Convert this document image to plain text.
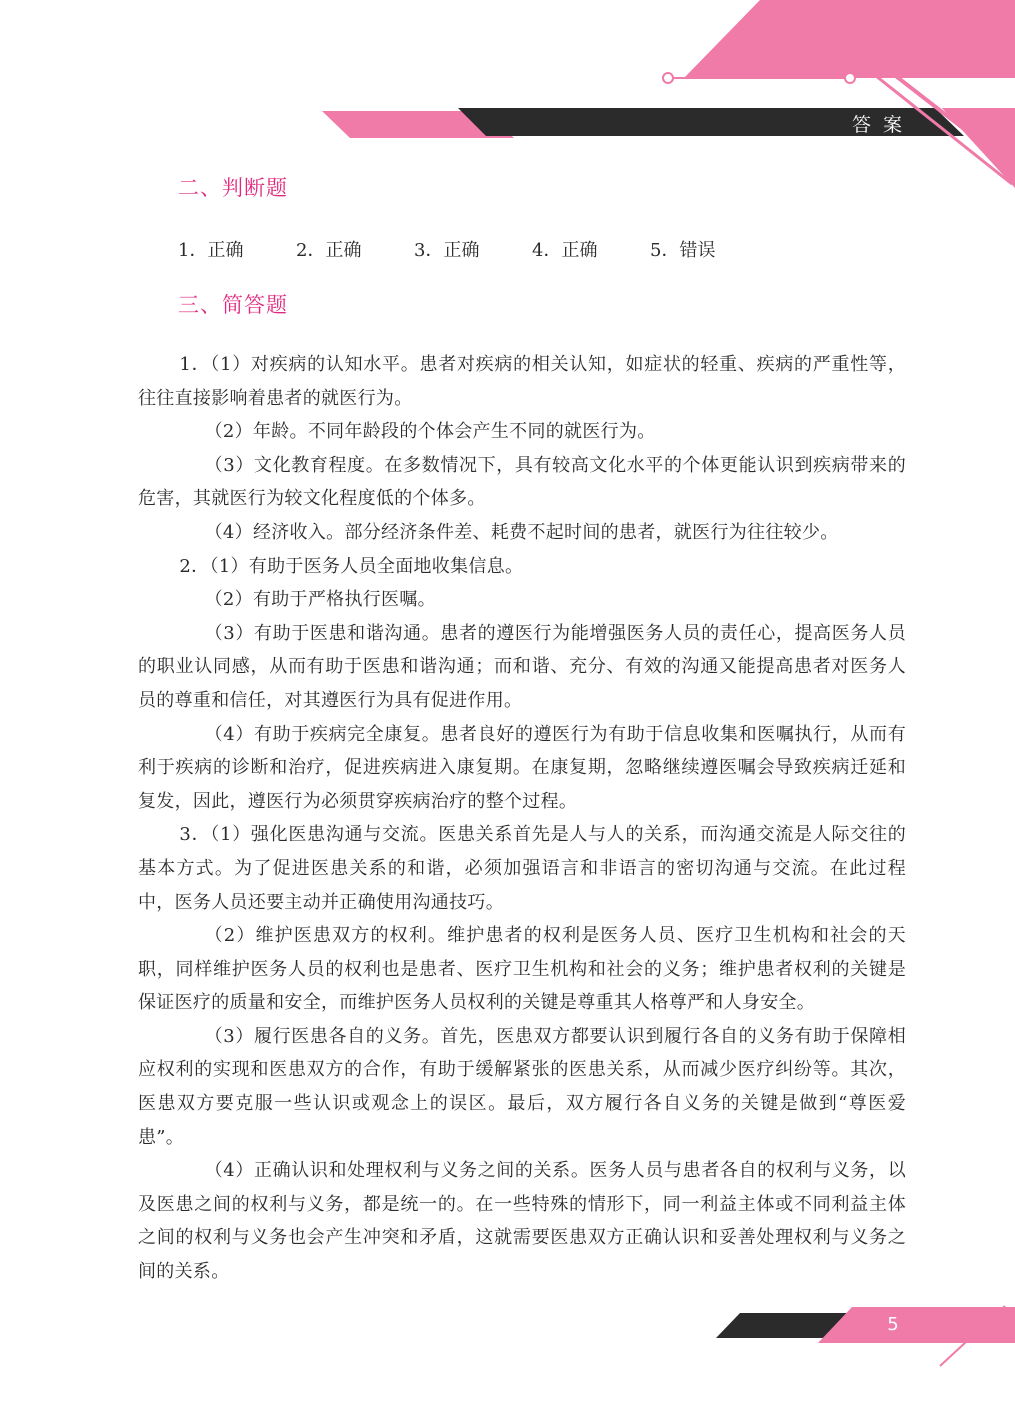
答案
二、判断题
1．正确	2．正确	3．正确	4．正确	5．错误
三、简答题

1．（1）对疾病的认知水平。患者对疾病的相关认知，如症状的轻重、疾病的严重性等，往往直接影响着患者的就医行为。

（2）年龄。不同年龄段的个体会产生不同的就医行为。

（3）文化教育程度。在多数情况下，具有较高文化水平的个体更能认识到疾病带来的危害，其就医行为较文化程度低的个体多。

（4）经济收入。部分经济条件差、耗费不起时间的患者，就医行为往往较少。

2．（1）有助于医务人员全面地收集信息。

（2）有助于严格执行医嘱。

（3）有助于医患和谐沟通。患者的遵医行为能增强医务人员的责任心，提高医务人员的职业认同感，从而有助于医患和谐沟通；而和谐、充分、有效的沟通又能提高患者对医务人员的尊重和信任，对其遵医行为具有促进作用。

（4）有助于疾病完全康复。患者良好的遵医行为有助于信息收集和医嘱执行，从而有利于疾病的诊断和治疗，促进疾病进入康复期。在康复期，忽略继续遵医嘱会导致疾病迁延和复发，因此，遵医行为必须贯穿疾病治疗的整个过程。

3．（1）强化医患沟通与交流。医患关系首先是人与人的关系，而沟通交流是人际交往的基本方式。为了促进医患关系的和谐，必须加强语言和非语言的密切沟通与交流。在此过程中，医务人员还要主动并正确使用沟通技巧。

（2）维护医患双方的权利。维护患者的权利是医务人员、医疗卫生机构和社会的天职，同样维护医务人员的权利也是患者、医疗卫生机构和社会的义务；维护患者权利的关键是保证医疗的质量和安全，而维护医务人员权利的关键是尊重其人格尊严和人身安全。

（3）履行医患各自的义务。首先，医患双方都要认识到履行各自的义务有助于保障相应权利的实现和医患双方的合作，有助于缓解紧张的医患关系，从而减少医疗纠纷等。其次，医患双方要克服一些认识或观念上的误区。最后，双方履行各自义务的关键是做到“尊医爱患”。

（4）正确认识和处理权利与义务之间的关系。医务人员与患者各自的权利与义务，以及医患之间的权利与义务，都是统一的。在一些特殊的情形下，同一利益主体或不同利益主体之间的权利与义务也会产生冲突和矛盾，这就需要医患双方正确认识和妥善处理权利与义务之间的关系。

5
